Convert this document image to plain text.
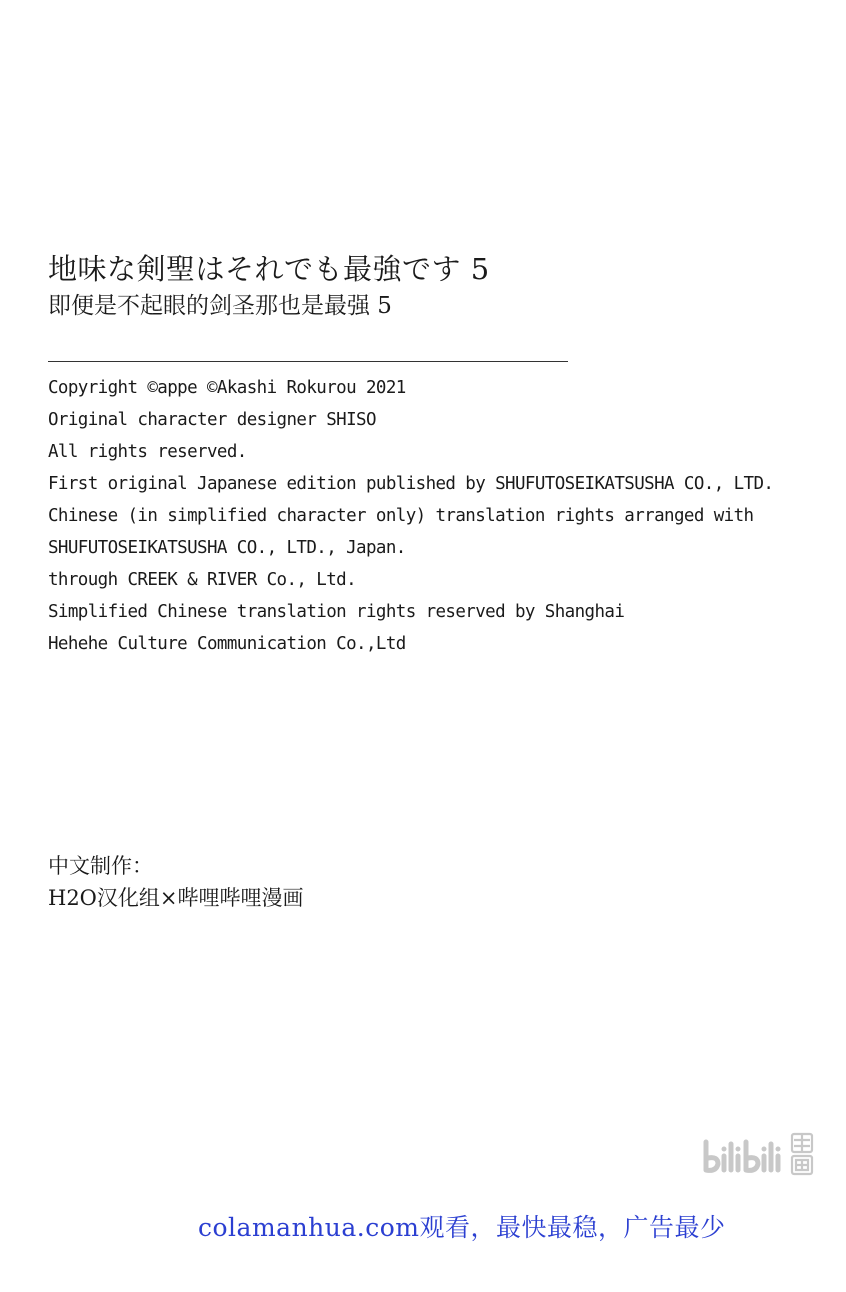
地味な剣聖はそれでも最強です 5
即便是不起眼的剑圣那也是最强 5
Copyright ©appe ©Akashi Rokurou 2021
Original character designer SHISO
All rights reserved.
First original Japanese edition published by SHUFUTOSEIKATSUSHA CO., LTD.
Chinese (in simplified character only) translation rights arranged with
SHUFUTOSEIKATSUSHA CO., LTD., Japan.
through CREEK & RIVER Co., Ltd.
Simplified Chinese translation rights reserved by Shanghai
Hehehe Culture Communication Co.,Ltd
中文制作：
H2O汉化组×哔哩哔哩漫画
colamanhua.com观看，最快最稳，广告最少
